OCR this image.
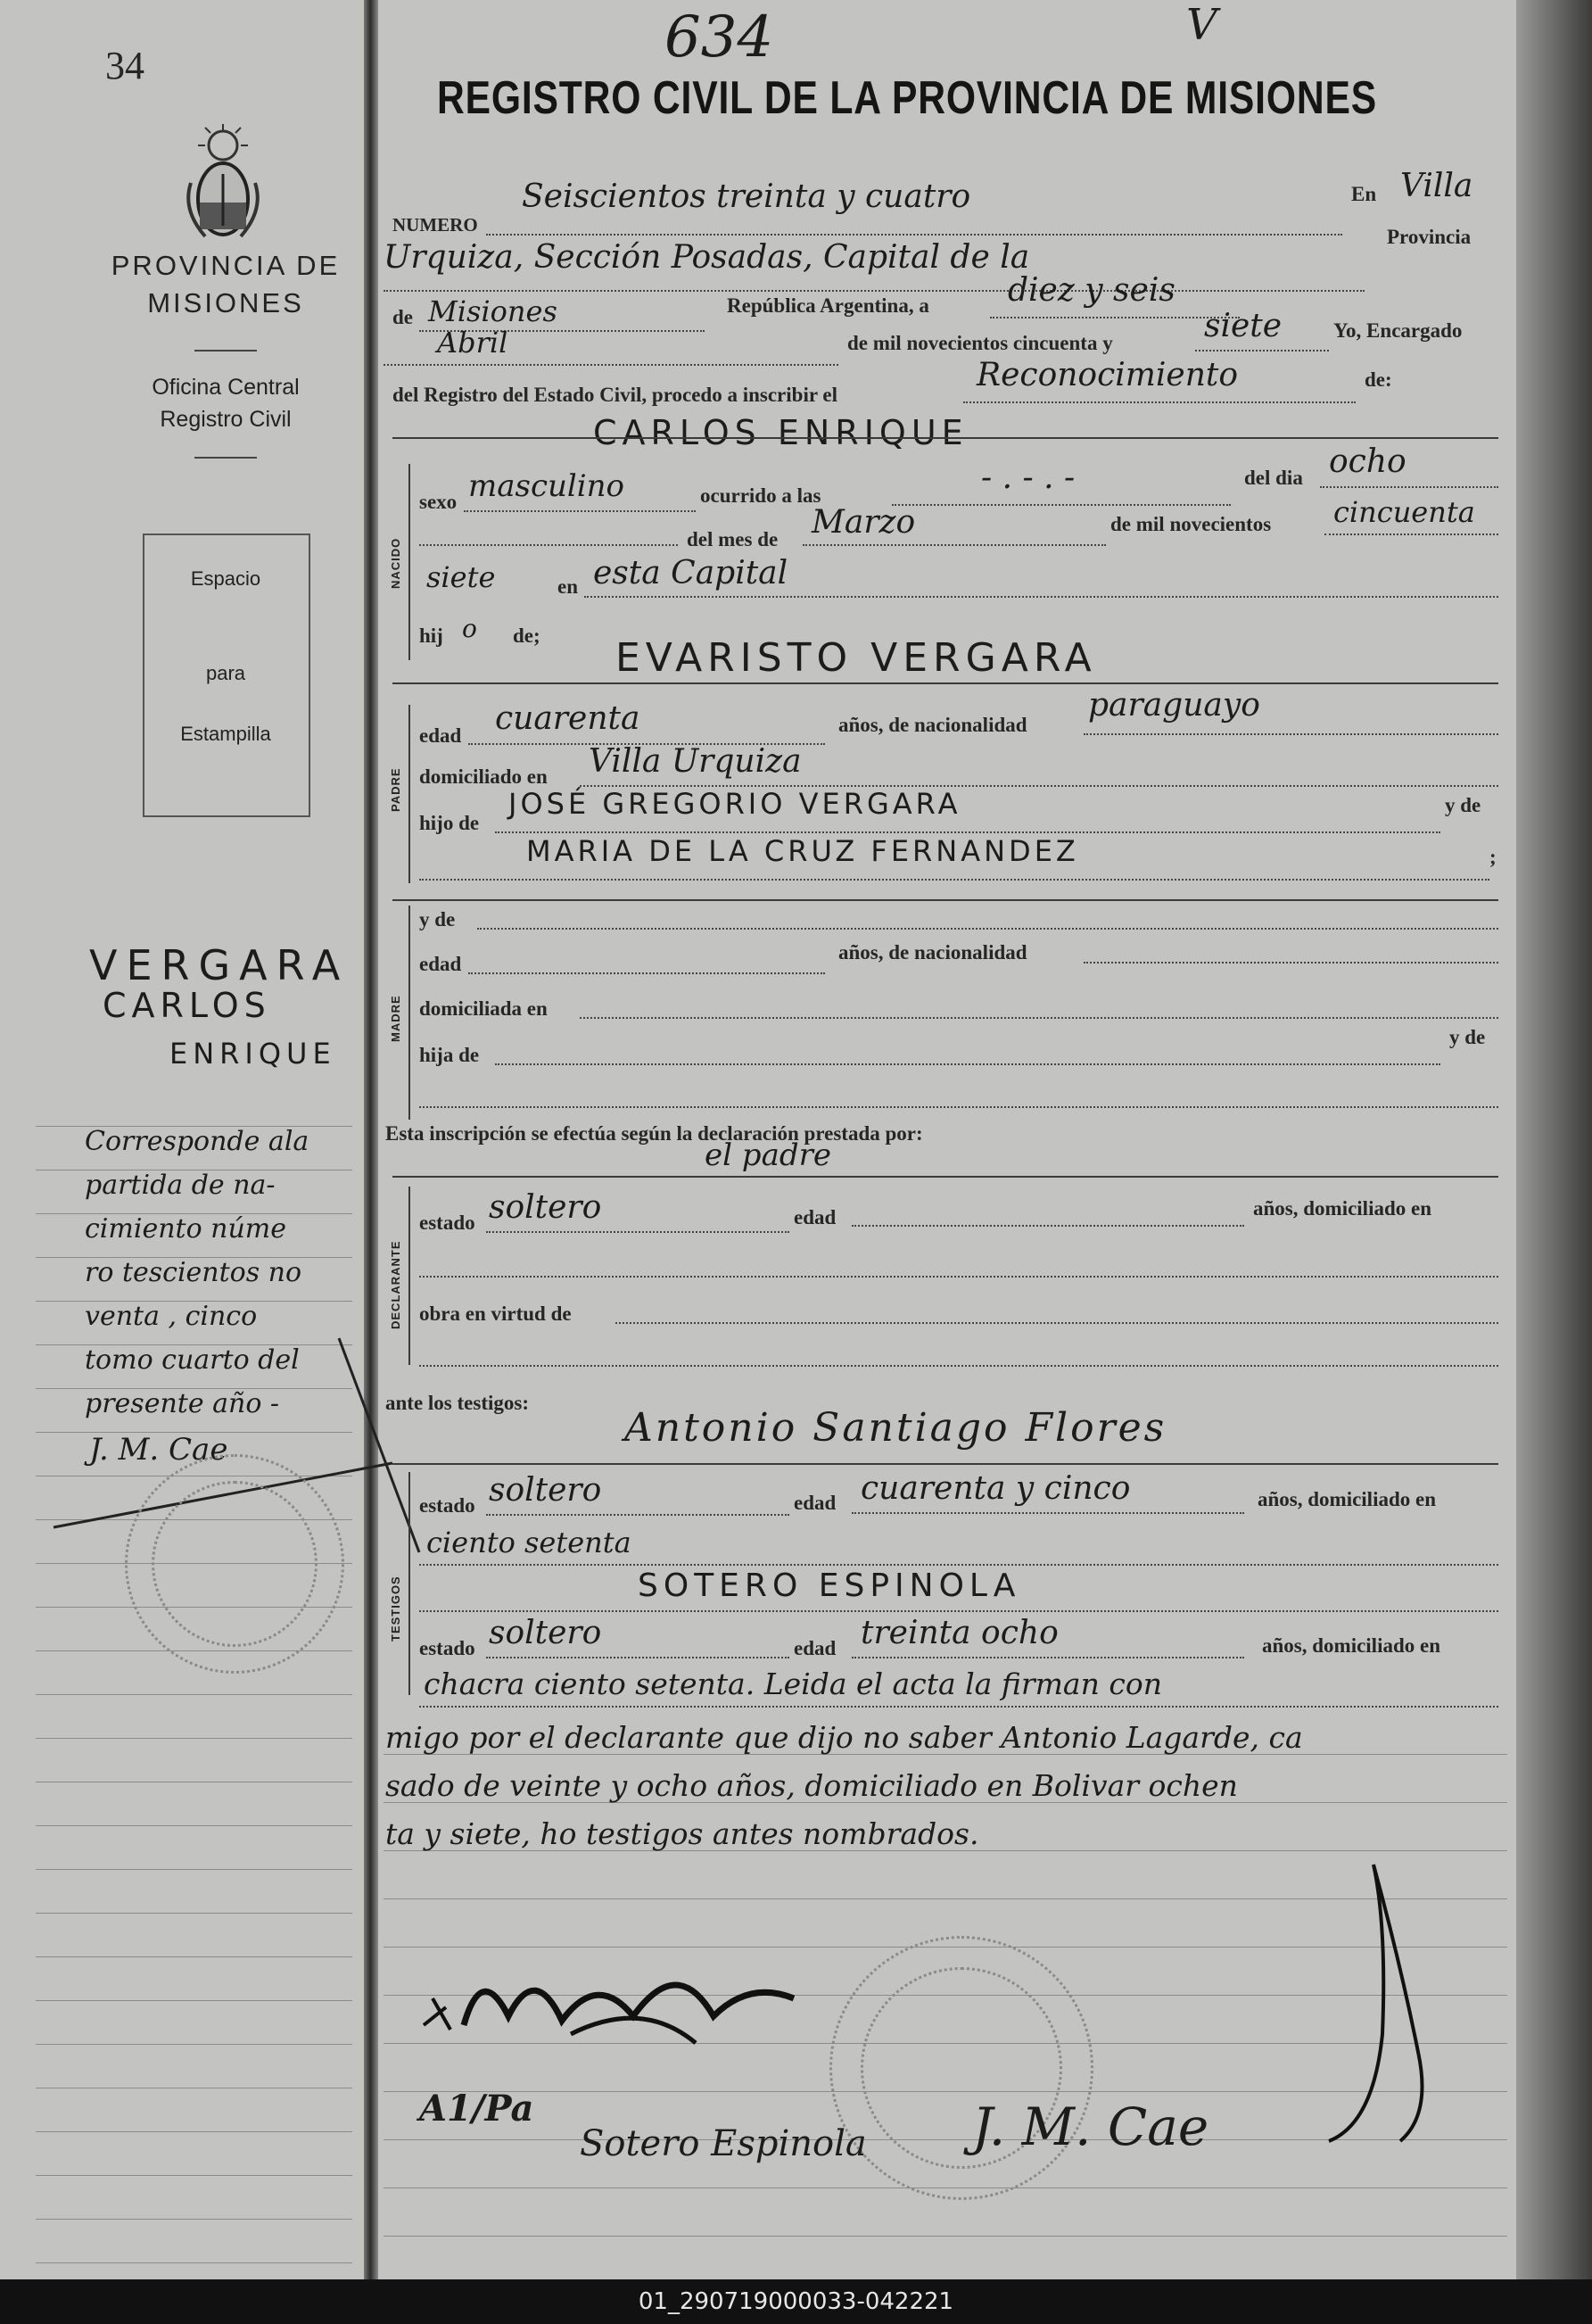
34
PROVINCIA DE
MISIONES
Oficina Central
Registro Civil
Espacio
para
Estampilla
VERGARA
CARLOS
ENRIQUE
Corresponde ala
partida de na-
cimiento núme
ro tescientos no
venta , cinco
tomo cuarto del
presente año -
J. M. Cae
634	V
REGISTRO CIVIL DE LA PROVINCIA DE MISIONES
NUMERO
Seiscientos treinta y cuatro	En Villa
Urquiza, Sección Posadas, Capital de la
Provincia
de Misiones	República Argentina, a diez y seis
Abril	de mil novecientos cincuenta y	siete	Yo, Encargado
del Registro del Estado Civil, procedo a inscribir el
Reconocimiento	de:
CARLOS ENRIQUE
NACIDO
sexo masculino	ocurrido a las	- . - . -	del dia ocho
del mes de Marzo	de mil novecientos cincuenta
siete	en esta Capital
hij o de; EVARISTO VERGARA
PADRE
edad cuarenta	años, de nacionalidad
paraguayo
domiciliado en Villa Urquiza
hijo de
JOSÉ GREGORIO VERGARA	y de
MARIA DE LA CRUZ FERNANDEZ	;
MADRE
y de
edad
años, de nacionalidad
domiciliada en
hija de
y de
Esta inscripción se efectúa según la declaración prestada por:
el padre
DECLARANTE
estado soltero	edad	años, domiciliado en
obra en virtud de
ante los testigos:
Antonio Santiago Flores
TESTIGOS
estado soltero	edad cuarenta y cinco	años, domiciliado en
ciento setenta
SOTERO ESPINOLA
estado soltero	edad treinta ocho	años, domiciliado en
chacra ciento setenta. Leida el acta la firman con
migo por el declarante que dijo no saber Antonio Lagarde, ca
sado de veinte y ocho años, domiciliado en Bolivar ochen
ta y siete, ho testigos antes nombrados.
A1/Pa
Sotero Espinola J. M. Cae
01_290719000033-042221
